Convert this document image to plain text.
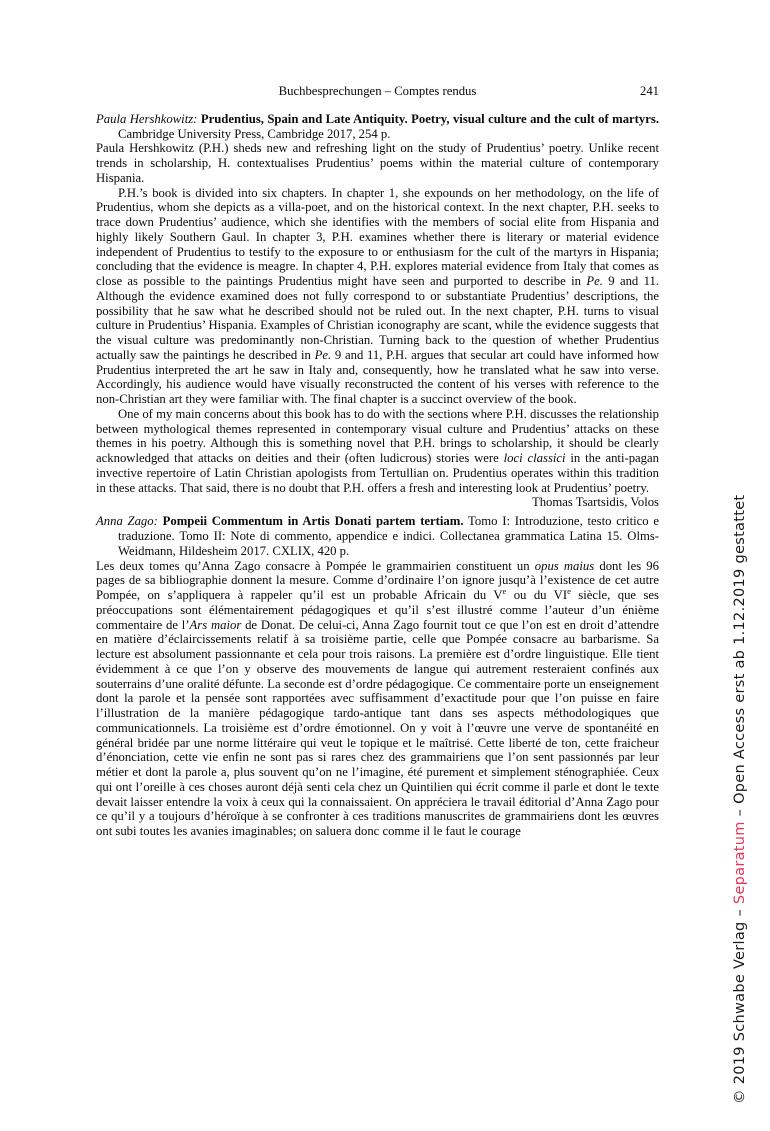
Buchbesprechungen – Comptes rendus	241

Paula Hershkowitz: Prudentius, Spain and Late Antiquity. Poetry, visual culture and the cult of martyrs. Cambridge University Press, Cambridge 2017, 254 p.

Paula Hershkowitz (P.H.) sheds new and refreshing light on the study of Prudentius’ poetry. Unlike recent trends in scholarship, H. contextualises Prudentius’ poems within the material culture of contemporary Hispania.

P.H.’s book is divided into six chapters. In chapter 1, she expounds on her methodology, on the life of Prudentius, whom she depicts as a villa-poet, and on the historical context. In the next chapter, P.H. seeks to trace down Prudentius’ audience, which she identifies with the members of social elite from Hispania and highly likely Southern Gaul. In chapter 3, P.H. examines whether there is literary or material evidence independent of Prudentius to testify to the exposure to or enthusiasm for the cult of the martyrs in Hispania; concluding that the evidence is meagre. In chapter 4, P.H. explores material evidence from Italy that comes as close as possible to the paintings Prudentius might have seen and purported to describe in Pe. 9 and 11. Although the evidence examined does not fully correspond to or substantiate Prudentius’ descriptions, the possibility that he saw what he described should not be ruled out. In the next chapter, P.H. turns to visual culture in Prudentius’ Hispania. Examples of Christian iconography are scant, while the evidence suggests that the visual culture was predominantly non-Christian. Turning back to the question of whether Prudentius actually saw the paintings he described in Pe. 9 and 11, P.H. argues that secular art could have informed how Prudentius interpreted the art he saw in Italy and, consequently, how he translated what he saw into verse. Accordingly, his audience would have visually reconstructed the content of his verses with reference to the non-Christian art they were familiar with. The final chapter is a succinct overview of the book.

One of my main concerns about this book has to do with the sections where P.H. discusses the relationship between mythological themes represented in contemporary visual culture and Prudentius’ attacks on these themes in his poetry. Although this is something novel that P.H. brings to scholarship, it should be clearly acknowledged that attacks on deities and their (often ludicrous) stories were loci classici in the anti-pagan invective repertoire of Latin Christian apologists from Tertullian on. Prudentius operates within this tradition in these attacks. That said, there is no doubt that P.H. offers a fresh and interesting look at Prudentius’ poetry.
Thomas Tsartsidis, Volos

Anna Zago: Pompeii Commentum in Artis Donati partem tertiam. Tomo I: Introduzione, testo critico e traduzione. Tomo II: Note di commento, appendice e indici. Collectanea grammatica Latina 15. Olms-Weidmann, Hildesheim 2017. CXLIX, 420 p.

Les deux tomes qu’Anna Zago consacre à Pompée le grammairien constituent un opus maius dont les 96 pages de sa bibliographie donnent la mesure. Comme d’ordinaire l’on ignore jusqu’à l’existence de cet autre Pompée, on s’appliquera à rappeler qu’il est un probable Africain du Ve ou du VIe siècle, que ses préoccupations sont élémentairement pédagogiques et qu’il s’est illustré comme l’auteur d’un énième commentaire de l’Ars maior de Donat. De celui-ci, Anna Zago fournit tout ce que l’on est en droit d’attendre en matière d’éclaircissements relatif à sa troisième partie, celle que Pompée consacre au barbarisme. Sa lecture est absolument passionnante et cela pour trois raisons. La première est d’ordre linguistique. Elle tient évidemment à ce que l’on y observe des mouvements de langue qui autrement resteraient confinés aux souterrains d’une oralité défunte. La seconde est d’ordre pédagogique. Ce commentaire porte un enseignement dont la parole et la pensée sont rapportées avec suffisamment d’exactitude pour que l’on puisse en faire l’illustration de la manière pédagogique tardo-antique tant dans ses aspects méthodologiques que communicationnels. La troisième est d’ordre émotionnel. On y voit à l’œuvre une verve de spontanéité en général bridée par une norme littéraire qui veut le topique et le maîtrisé. Cette liberté de ton, cette fraicheur d’énonciation, cette vie enfin ne sont pas si rares chez des grammairiens que l’on sent passionnés par leur métier et dont la parole a, plus souvent qu’on ne l’imagine, été purement et simplement sténographiée. Ceux qui ont l’oreille à ces choses auront déjà senti cela chez un Quintilien qui écrit comme il parle et dont le texte devait laisser entendre la voix à ceux qui la connaissaient. On appréciera le travail éditorial d’Anna Zago pour ce qu’il y a toujours d’héroïque à se confronter à ces traditions manuscrites de grammairiens dont les œuvres ont subi toutes les avanies imaginables; on saluera donc comme il le faut le courage

© 2019 Schwabe Verlag – Separatum – Open Access erst ab 1.12.2019 gestattet
